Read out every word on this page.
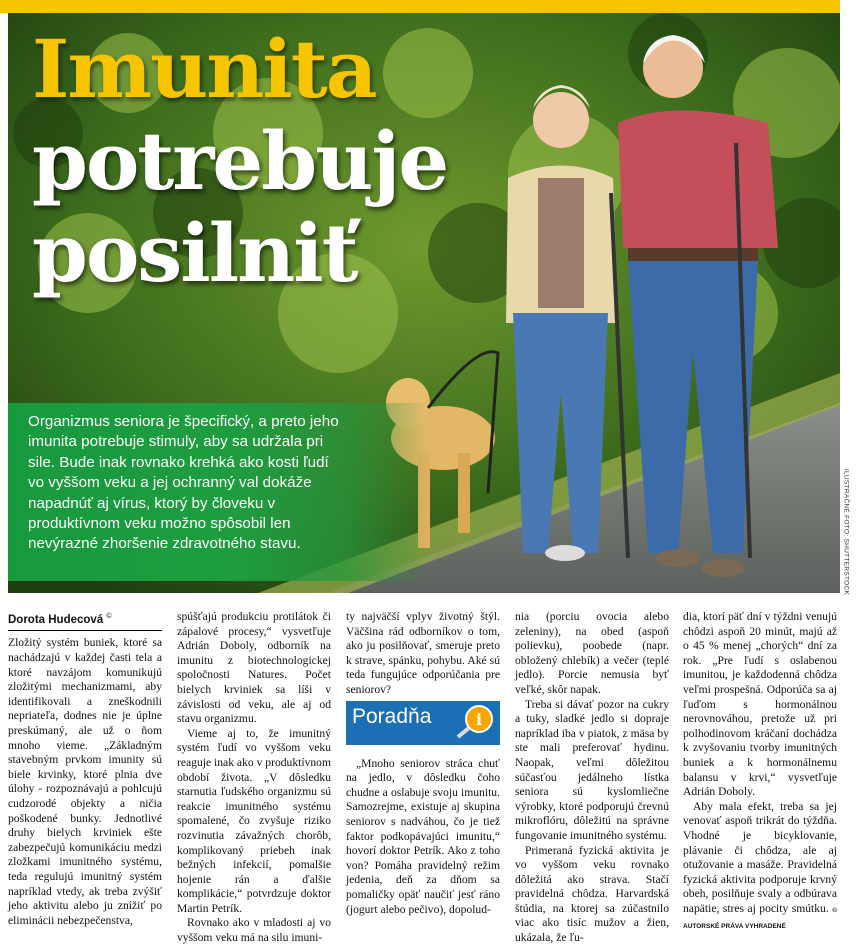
Imunita
potrebuje
posilniť

Organizmus seniora je špecifický, a preto jeho imunita potrebuje stimuly, aby sa udržala pri sile. Bude inak rovnako krehká ako kosti ľudí vo vyššom veku a jej ochranný val dokáže napadnúť aj vírus, ktorý by človeku v produktívnom veku možno spôsobil len nevýrazné zhoršenie zdravotného stavu.	ILUSTRAČNÉ FOTO: SHUTTERSTOCK
Dorota Hudecová ©

Zložitý systém buniek, ktoré sa nachádzajú v každej časti tela a ktoré navzájom komunikujú zložitými mechanizmami, aby identifikovali a zneškodnili nepriateľa, dodnes nie je úplne preskúmaný, ale už o ňom mnoho vieme. „Základným stavebným prvkom imunity sú biele krvinky, ktoré plnia dve úlohy - rozpoznávajú a pohlcujú cudzorodé objekty a ničia poškodené bunky. Jednotlivé druhy bielych krviniek ešte zabezpečujú komunikáciu medzi zložkami imunitného systému, teda regulujú imunitný systém napríklad vtedy, ak treba zvýšiť jeho aktivitu alebo ju znížiť po eliminácii nebezpečenstva,

spúšťajú produkciu protilátok či zápalové procesy,“ vysvetľuje Adrián Doboly, odborník na imunitu z biotechnologickej spoločnosti Natures. Počet bielych krviniek sa líši v závislosti od veku, ale aj od stavu organizmu.

Vieme aj to, že imunitný systém ľudí vo vyššom veku reaguje inak ako v produktívnom období života. „V dôsledku starnutia ľudského organizmu sú reakcie imunitného systému spomalené, čo zvyšuje riziko rozvinutia závažných chorôb, komplikovaný priebeh inak bežných infekcií, pomalšie hojenie rán a ďalšie komplikácie,“ potvrdzuje doktor Martin Petrík.

Rovnako ako v mladosti aj vo vyššom veku má na silu imuni-

ty najväčší vplyv životný štýl. Väčšina rád odborníkov o tom, ako ju posilňovať, smeruje preto k strave, spánku, pohybu. Aké sú teda fungujúce odporúčania pre seniorov?

Poradňa	i

„Mnoho seniorov stráca chuť na jedlo, v dôsledku čoho chudne a oslabuje svoju imunitu. Samozrejme, existuje aj skupina seniorov s nadváhou, čo je tiež faktor podkopávajúci imunitu,“ hovorí doktor Petrík. Ako z toho von? Pomáha pravidelný režim jedenia, deň za dňom sa pomaličky opäť naučiť jesť ráno (jogurt alebo pečivo), dopolud-

nia (porciu ovocia alebo zeleniny), na obed (aspoň polievku), poobede (napr. obložený chlebík) a večer (teplé jedlo). Porcie nemusia byť veľké, skôr napak.

Treba si dávať pozor na cukry a tuky, sladké jedlo si dopraje napríklad iba v piatok, z mäsa by ste mali preferovať hydinu. Naopak, veľmi dôležitou súčasťou jedálneho lístka seniora sú kyslomliečne výrobky, ktoré podporujú črevnú mikroflóru, dôležitú na správne fungovanie imunitného systému.

Primeraná fyzická aktivita je vo vyššom veku rovnako dôležitá ako strava. Stačí pravidelná chôdza. Harvardská štúdia, na ktorej sa zúčastnilo viac ako tisíc mužov a žien, ukázala, že ľu-

dia, ktorí päť dní v týždni venujú chôdzi aspoň 20 minút, majú až o 45 % menej „chorých“ dní za rok. „Pre ľudí s oslabenou imunitou, je každodenná chôdza veľmi prospešná. Odporúča sa aj ľuďom s hormonálnou nerovnováhou, pretože už pri polhodinovom kráčaní dochádza k zvyšovaniu tvorby imunitných buniek a k hormonálnemu balansu v krvi,“ vysvetľuje Adrián Doboly.

Aby mala efekt, treba sa jej venovať aspoň trikrát do týždňa. Vhodné je bicyklovanie, plávanie či chôdza, ale aj otužovanie a masáže. Pravidelná fyzická aktivita podporuje krvný obeh, posilňuje svaly a odbúrava napätie, stres aj pocity smútku. © AUTORSKÉ PRÁVA VYHRADENÉ
